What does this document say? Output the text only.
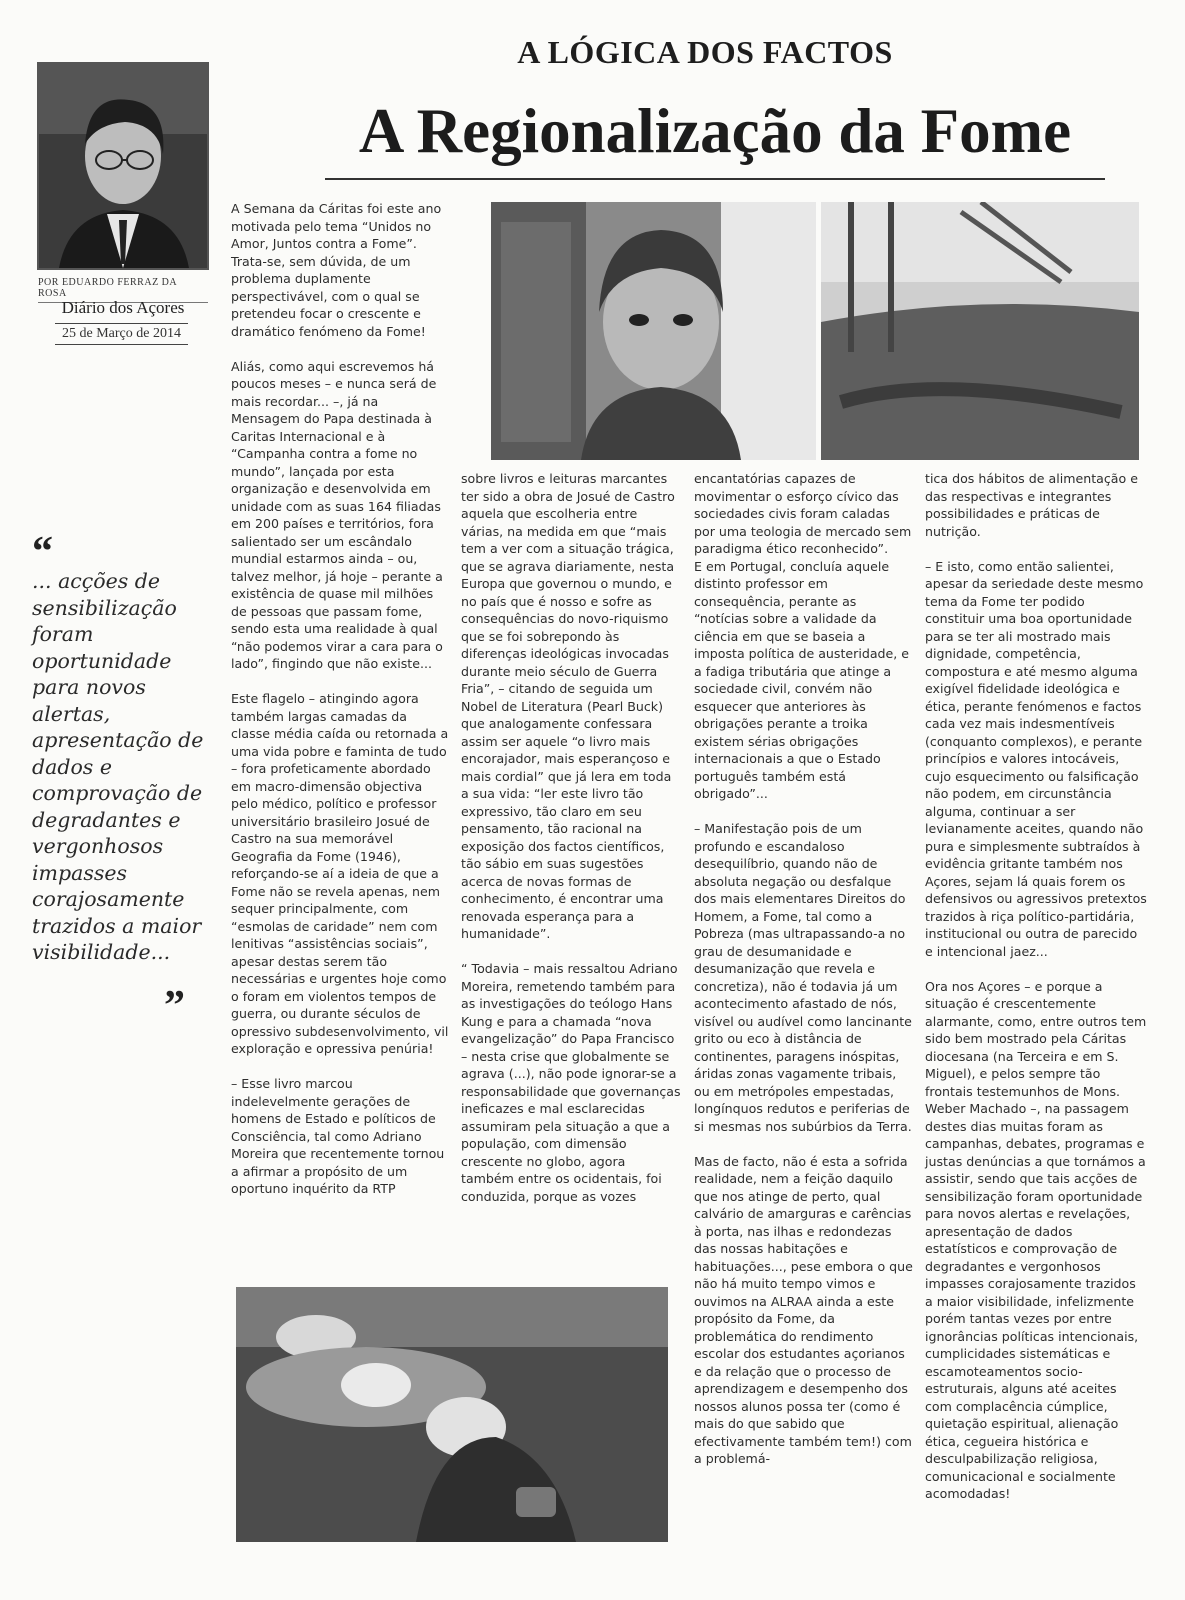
A LÓGICA DOS FACTOS
A Regionalização da Fome
POR EDUARDO FERRAZ DA ROSA
Diário dos Açores
25 de Março de 2014
“
... acções de sensibilização foram oportunidade para novos alertas, apresentação de dados e comprovação de degradantes e vergonhosos impasses corajosamente trazidos a maior visibilidade...
”
A Semana da Cáritas foi este ano motivada pelo tema “Unidos no Amor, Juntos contra a Fome”. Trata-se, sem dúvida, de um problema duplamente perspectivável, com o qual se pretendeu focar o crescente e dramático fenómeno da Fome!

Aliás, como aqui escrevemos há poucos meses – e nunca será de mais recordar... –, já na Mensagem do Papa destinada à Caritas Internacional e à “Campanha contra a fome no mundo”, lançada por esta organização e desenvolvida em unidade com as suas 164 filiadas em 200 países e territórios, fora salientado ser um escândalo mundial estarmos ainda – ou, talvez melhor, já hoje – perante a existência de quase mil milhões de pessoas que passam fome, sendo esta uma realidade à qual “não podemos virar a cara para o lado”, fingindo que não existe...

Este flagelo – atingindo agora também largas camadas da classe média caída ou retornada a uma vida pobre e faminta de tudo – fora profeticamente abordado em macro-dimensão objectiva pelo médico, político e professor universitário brasileiro Josué de Castro na sua memorável Geografia da Fome (1946), reforçando-se aí a ideia de que a Fome não se revela apenas, nem sequer principalmente, com “esmolas de caridade” nem com lenitivas “assistências sociais”, apesar destas serem tão necessárias e urgentes hoje como o foram em violentos tempos de guerra, ou durante séculos de opressivo subdesenvolvimento, vil exploração e opressiva penúria!

– Esse livro marcou indelevelmente gerações de homens de Estado e políticos de Consciência, tal como Adriano Moreira que recentemente tornou a afirmar a propósito de um oportuno inquérito da RTP
sobre livros e leituras marcantes ter sido a obra de Josué de Castro aquela que escolheria entre várias, na medida em que “mais tem a ver com a situação trágica, que se agrava diariamente, nesta Europa que governou o mundo, e no país que é nosso e sofre as consequências do novo-riquismo que se foi sobrepondo às diferenças ideológicas invocadas durante meio século de Guerra Fria”, – citando de seguida um Nobel de Literatura (Pearl Buck) que analogamente confessara assim ser aquele “o livro mais encorajador, mais esperançoso e mais cordial” que já lera em toda a sua vida: “ler este livro tão expressivo, tão claro em seu pensamento, tão racional na exposição dos factos científicos, tão sábio em suas sugestões acerca de novas formas de conhecimento, é encontrar uma renovada esperança para a humanidade”.

“ Todavia – mais ressaltou Adriano Moreira, remetendo também para as investigações do teólogo Hans Kung e para a chamada “nova evangelização” do Papa Francisco – nesta crise que globalmente se agrava (...), não pode ignorar-se a responsabilidade que governanças ineficazes e mal esclarecidas assumiram pela situação a que a população, com dimensão crescente no globo, agora também entre os ocidentais, foi conduzida, porque as vozes
encantatórias capazes de movimentar o esforço cívico das sociedades civis foram caladas por uma teologia de mercado sem paradigma ético reconhecido”.
E em Portugal, concluía aquele distinto professor em consequência, perante as “notícias sobre a validade da ciência em que se baseia a imposta política de austeridade, e a fadiga tributária que atinge a sociedade civil, convém não esquecer que anteriores às obrigações perante a troika existem sérias obrigações internacionais a que o Estado português também está obrigado”...

– Manifestação pois de um profundo e escandaloso desequilíbrio, quando não de absoluta negação ou desfalque dos mais elementares Direitos do Homem, a Fome, tal como a Pobreza (mas ultrapassando-a no grau de desumanidade e desumanização que revela e concretiza), não é todavia já um acontecimento afastado de nós, visível ou audível como lancinante grito ou eco à distância de continentes, paragens inóspitas, áridas zonas vagamente tribais, ou em metrópoles empestadas, longínquos redutos e periferias de si mesmas nos subúrbios da Terra.

Mas de facto, não é esta a sofrida realidade, nem a feição daquilo que nos atinge de perto, qual calvário de amarguras e carências à porta, nas ilhas e redondezas das nossas habitações e habituações..., pese embora o que não há muito tempo vimos e ouvimos na ALRAA ainda a este propósito da Fome, da problemática do rendimento escolar dos estudantes açorianos e da relação que o processo de aprendizagem e desempenho dos nossos alunos possa ter (como é mais do que sabido que efectivamente também tem!) com a problemá-
tica dos hábitos de alimentação e das respectivas e integrantes possibilidades e práticas de nutrição.

– E isto, como então salientei, apesar da seriedade deste mesmo tema da Fome ter podido constituir uma boa oportunidade para se ter ali mostrado mais dignidade, competência, compostura e até mesmo alguma exigível fidelidade ideológica e ética, perante fenómenos e factos cada vez mais indesmentíveis (conquanto complexos), e perante princípios e valores intocáveis, cujo esquecimento ou falsificação não podem, em circunstância alguma, continuar a ser levianamente aceites, quando não pura e simplesmente subtraídos à evidência gritante também nos Açores, sejam lá quais forem os defensivos ou agressivos pretextos trazidos à riça político-partidária, institucional ou outra de parecido e intencional jaez...

Ora nos Açores – e porque a situação é crescentemente alarmante, como, entre outros tem sido bem mostrado pela Cáritas diocesana (na Terceira e em S. Miguel), e pelos sempre tão frontais testemunhos de Mons. Weber Machado –, na passagem destes dias muitas foram as campanhas, debates, programas e justas denúncias a que tornámos a assistir, sendo que tais acções de sensibilização foram oportunidade para novos alertas e revelações, apresentação de dados estatísticos e comprovação de degradantes e vergonhosos impasses corajosamente trazidos a maior visibilidade, infelizmente porém tantas vezes por entre ignorâncias políticas intencionais, cumplicidades sistemáticas e escamoteamentos socio-estruturais, alguns até aceites com complacência cúmplice, quietação espiritual, alienação ética, cegueira histórica e desculpabilização religiosa, comunicacional e socialmente acomodadas!
